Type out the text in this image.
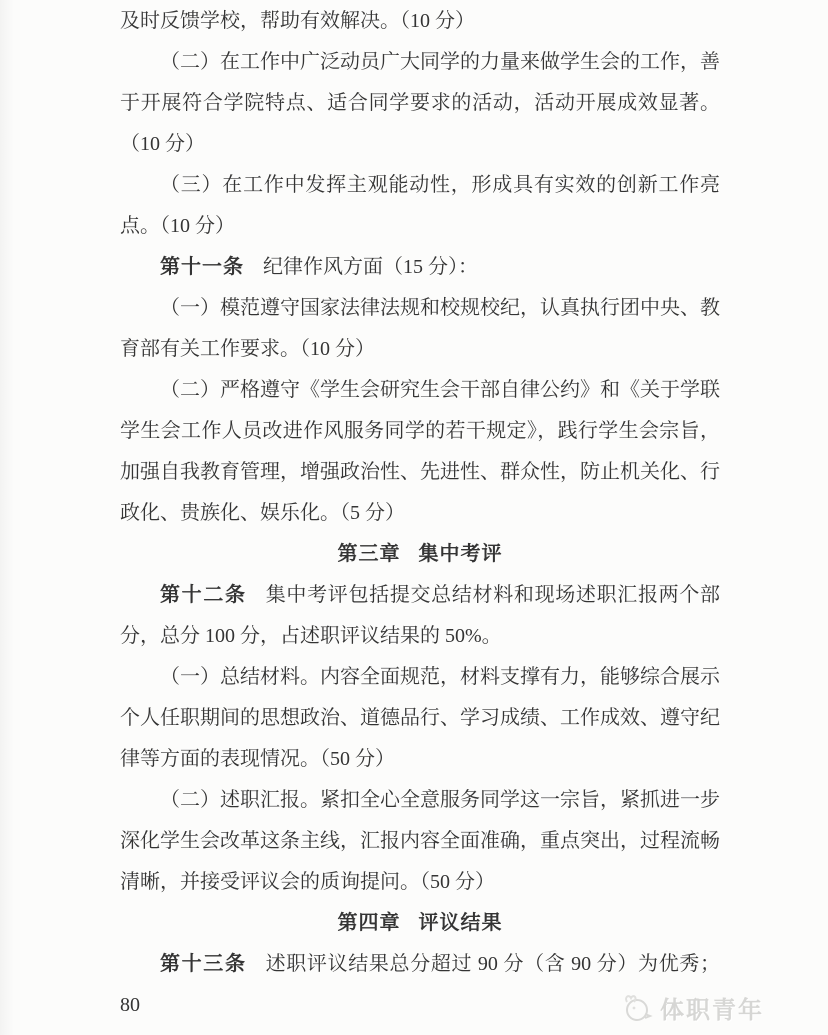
及时反馈学校，帮助有效解决。（10 分）

（二）在工作中广泛动员广大同学的力量来做学生会的工作，善于开展符合学院特点、适合同学要求的活动，活动开展成效显著。（10 分）

（三）在工作中发挥主观能动性，形成具有实效的创新工作亮点。（10 分）

第十一条 纪律作风方面（15 分）：

（一）模范遵守国家法律法规和校规校纪，认真执行团中央、教育部有关工作要求。（10 分）

（二）严格遵守《学生会研究生会干部自律公约》和《关于学联学生会工作人员改进作风服务同学的若干规定》，践行学生会宗旨，加强自我教育管理，增强政治性、先进性、群众性，防止机关化、行政化、贵族化、娱乐化。（5 分）

第三章 集中考评

第十二条 集中考评包括提交总结材料和现场述职汇报两个部分，总分 100 分，占述职评议结果的 50%。

（一）总结材料。内容全面规范，材料支撑有力，能够综合展示个人任职期间的思想政治、道德品行、学习成绩、工作成效、遵守纪律等方面的表现情况。（50 分）

（二）述职汇报。紧扣全心全意服务同学这一宗旨，紧抓进一步深化学生会改革这条主线，汇报内容全面准确，重点突出，过程流畅清晰，并接受评议会的质询提问。（50 分）

第四章 评议结果

第十三条 述职评议结果总分超过 90 分（含 90 分）为优秀；80	体职青年
